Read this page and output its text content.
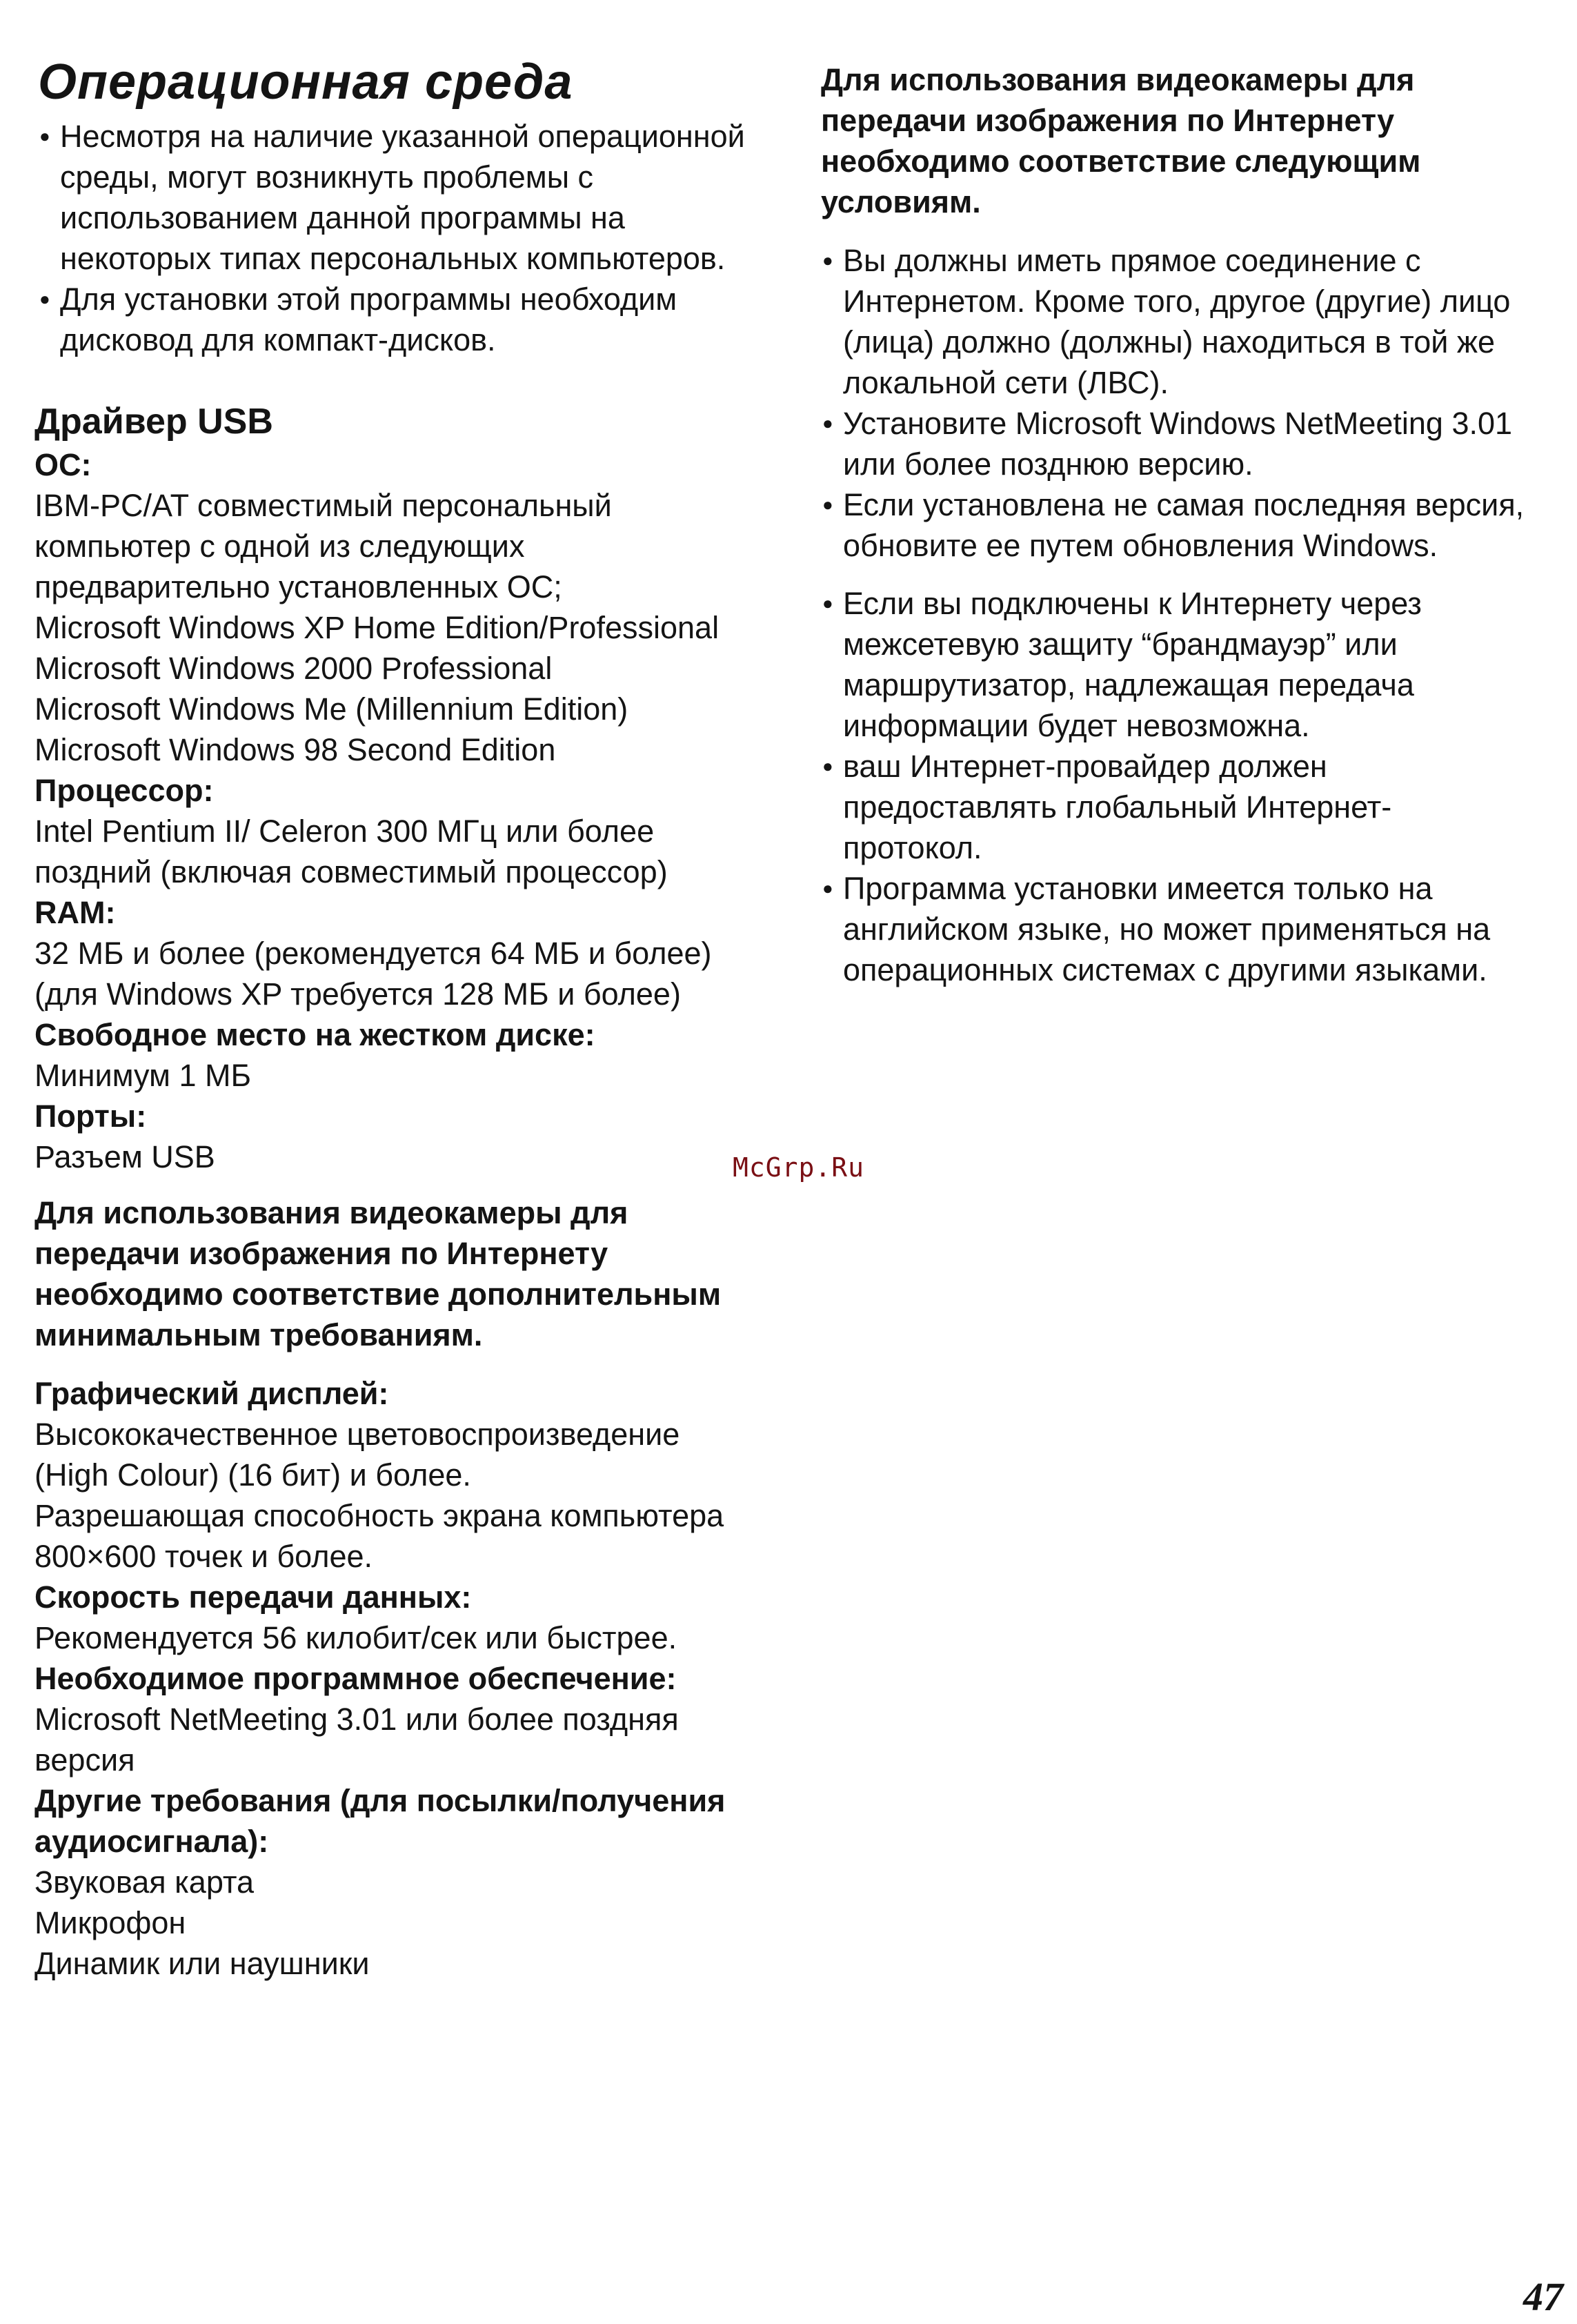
Операционная среда
● Несмотря на наличие указанной операционной
среды, могут возникнуть проблемы с
использованием данной программы на
некоторых типах персональных компьютеров.
● Для установки этой программы необходим
дисковод для компакт-дисков.
Драйвер USB
ОС:
IBM-PC/AT совместимый персональный
компьютер с одной из следующих
предварительно установленных ОС;
Microsoft Windows XP Home Edition/Professional
Microsoft Windows 2000 Professional
Microsoft Windows Me (Millennium Edition)
Microsoft Windows 98 Second Edition
Процессор:
Intel Pentium II/ Celeron 300 МГц или более
поздний (включая совместимый процессор)
RAM:
32 МБ и более (рекомендуется 64 МБ и более)
(для Windows XP требуется 128 МБ и более)
Свободное место на жестком диске:
Минимум 1 МБ
Порты:
Разъем USB
Для использования видеокамеры для
передачи изображения по Интернету
необходимо соответствие дополнительным
минимальным требованиям.
Графический дисплей:
Высококачественное цветовоспроизведение
(High Colour) (16 бит) и более.
Разрешающая способность экрана компьютера
800×600 точек и более.
Скорость передачи данных:
Рекомендуется 56 килобит/сек или быстрее.
Необходимое программное обеспечение:
Microsoft NetMeeting 3.01 или более поздняя
версия
Другие требования (для посылки/получения
аудиосигнала):
Звуковая карта
Микрофон
Динамик или наушники
Для использования видеокамеры для
передачи изображения по Интернету
необходимо соответствие следующим
условиям.
● Вы должны иметь прямое соединение с
Интернетом. Кроме того, другое (другие) лицо
(лица) должно (должны) находиться в той же
локальной сети (ЛВС).
● Установите Microsoft Windows NetMeeting 3.01
или более позднюю версию.
● Если установлена не самая последняя версия,
обновите ее путем обновления Windows.
● Если вы подключены к Интернету через
межсетевую защиту “брандмауэр” или
маршрутизатор, надлежащая передача
информации будет невозможна.
● ваш Интернет-провайдер должен
предоставлять глобальный Интернет-
протокол.
● Программа установки имеется только на
английском языке, но может применяться на
операционных системах с другими языками.
McGrp.Ru
47
